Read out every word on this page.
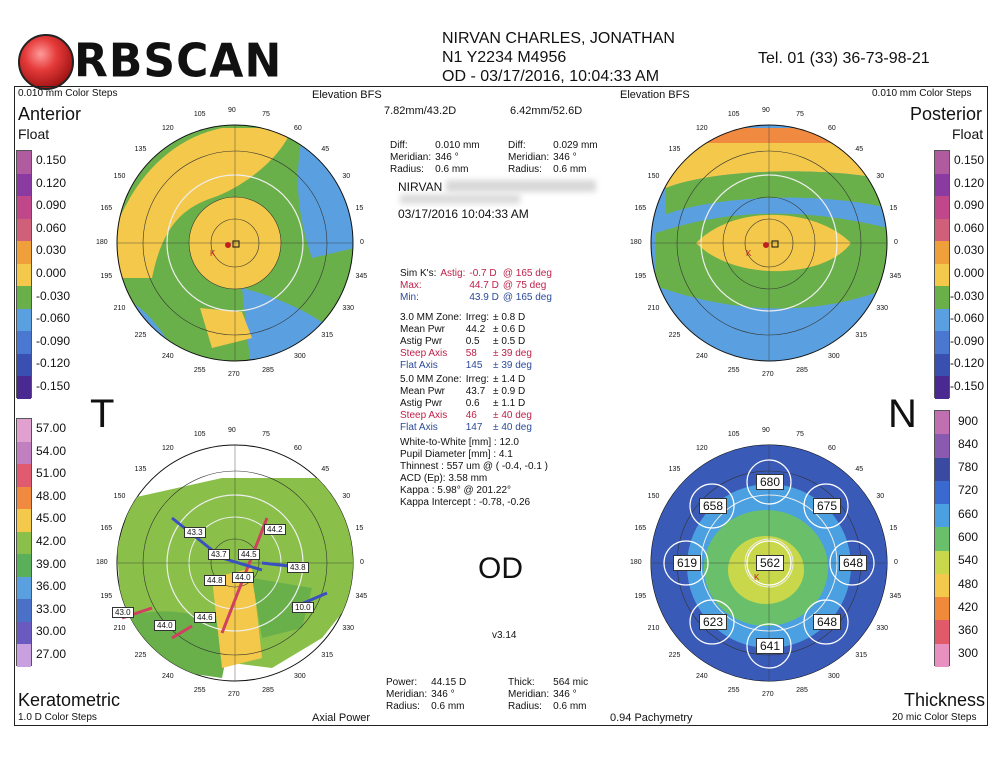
RBSCAN	NIRVAN CHARLES, JONATHAN
N1 Y2234 M4956
OD - 03/17/2016, 10:04:33 AM
Tel. 01 (33) 36-73-98-21
0.010 mm Color Steps
Anterior
Float
Elevation BFS
7.82mm/43.2D	6.42mm/52.6D
Elevation BFS	0.010 mm Color Steps
Posterior
Float
0.150
0.120
0.090
0.060
0.030
0.000
-0.030
-0.060
-0.090
-0.120
-0.150
0.150
0.120
0.090
0.060
0.030
0.000
-0.030
-0.060
-0.090
-0.120
-0.150
57.00
54.00
51.00
48.00
45.00
42.00
39.00
36.00
33.00
30.00
27.00
900
840
780
720
660
600
540
480
420
360
300
T	N
K	K
43.3	44.2
43.7	44.5
43.8
44.8	44.0
43.0
44.0
44.6
10.0
K
680
658	675
619	562	648
623	648
641
90
105
120
135
150
165
180
195
210
225
240
255
270
285
300
315
330
345
0
15
30
45
60
75
90
105
120
135
150
165
180
195
210
225
240
255
270
285
300
315
330
345
0
15
30
45
60
75
90
105
120
135
150
165
180
195
210
225
240
255
270
285
300
315
330
345
0
15
30
45
60
75
90
105
120
135
150
165
180
195
210
225
240
255
270
285
300
315
330
345
0
15
30
45
60
75
Diff:	0.010 mm
Meridian:	346 °
Radius:	0.6 mm
Diff:	0.029 mm
Meridian:	346 °
Radius:	0.6 mm
NIRVAN
03/17/2016 10:04:33 AM
Sim K's:	Astig:	-0.7 D	@ 165 deg
Max:		44.7 D	@ 75 deg
Min:		43.9 D	@ 165 deg
3.0 MM Zone:	Irreg:	± 0.8 D
Mean Pwr	44.2	± 0.6 D
Astig Pwr	0.5	± 0.5 D
Steep Axis	58	± 39 deg
Flat Axis	145	± 39 deg
5.0 MM Zone:	Irreg:	± 1.4 D
Mean Pwr	43.7	± 0.9 D
Astig Pwr	0.6	± 1.1 D
Steep Axis	46	± 40 deg
Flat Axis	147	± 40 deg
White-to-White [mm] : 12.0
Pupil Diameter [mm] : 4.1
Thinnest : 557 um @ ( -0.4, -0.1 )
ACD (Ep): 3.58 mm
Kappa : 5.98° @ 201.22°
Kappa Intercept : -0.78, -0.26
OD
v3.14
Power:	44.15 D
Meridian:	346 °
Radius:	0.6 mm
Thick:	564 mic
Meridian:	346 °
Radius:	0.6 mm
Keratometric
1.0 D Color Steps	Axial Power	0.94 Pachymetry
Thickness
20 mic Color Steps
